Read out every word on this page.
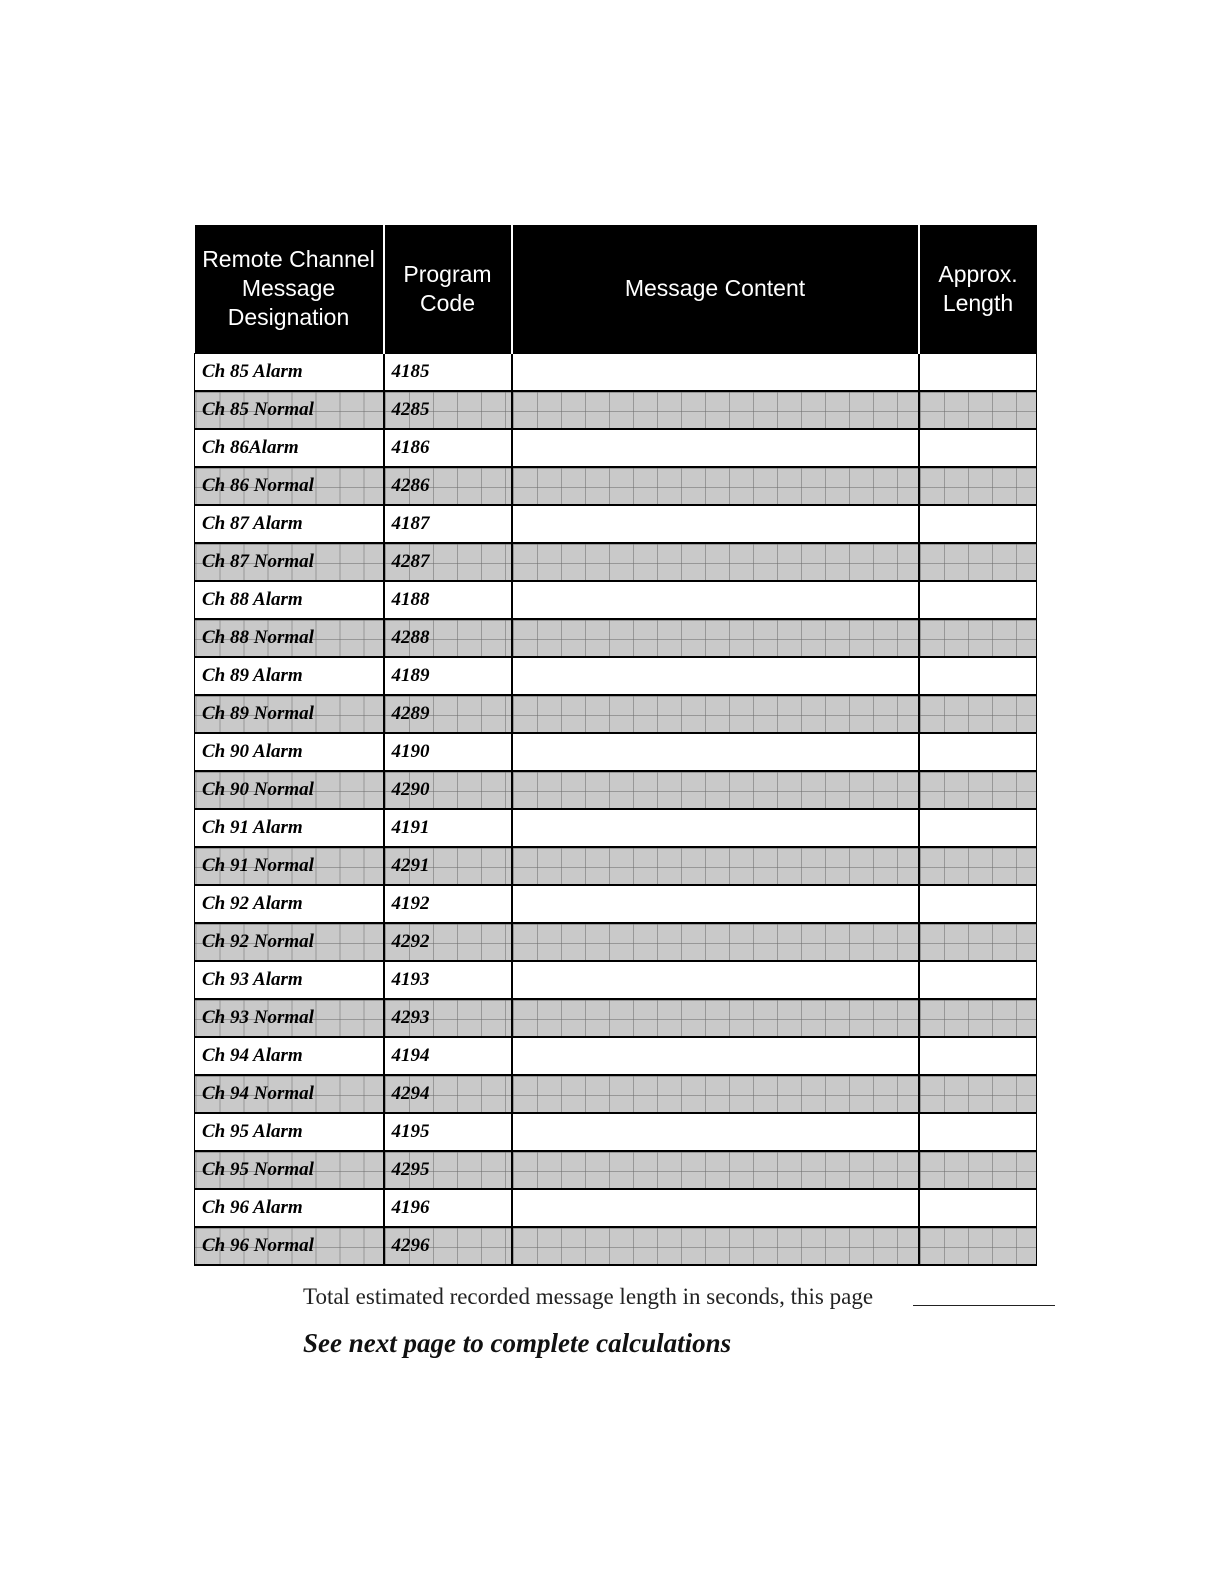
Remote Channel Message Designation	Program Code	Message Content	Approx. Length
Ch 85 Alarm	4185		
Ch 85 Normal	4285		
Ch 86Alarm	4186		
Ch 86 Normal	4286		
Ch 87 Alarm	4187		
Ch 87 Normal	4287		
Ch 88 Alarm	4188		
Ch 88 Normal	4288		
Ch 89 Alarm	4189		
Ch 89 Normal	4289		
Ch 90 Alarm	4190		
Ch 90 Normal	4290		
Ch 91 Alarm	4191		
Ch 91 Normal	4291		
Ch 92 Alarm	4192		
Ch 92 Normal	4292		
Ch 93 Alarm	4193		
Ch 93 Normal	4293		
Ch 94 Alarm	4194		
Ch 94 Normal	4294		
Ch 95 Alarm	4195		
Ch 95 Normal	4295		
Ch 96 Alarm	4196		
Ch 96 Normal	4296		
Total estimated recorded message length in seconds, this page
See next page to complete calculations
